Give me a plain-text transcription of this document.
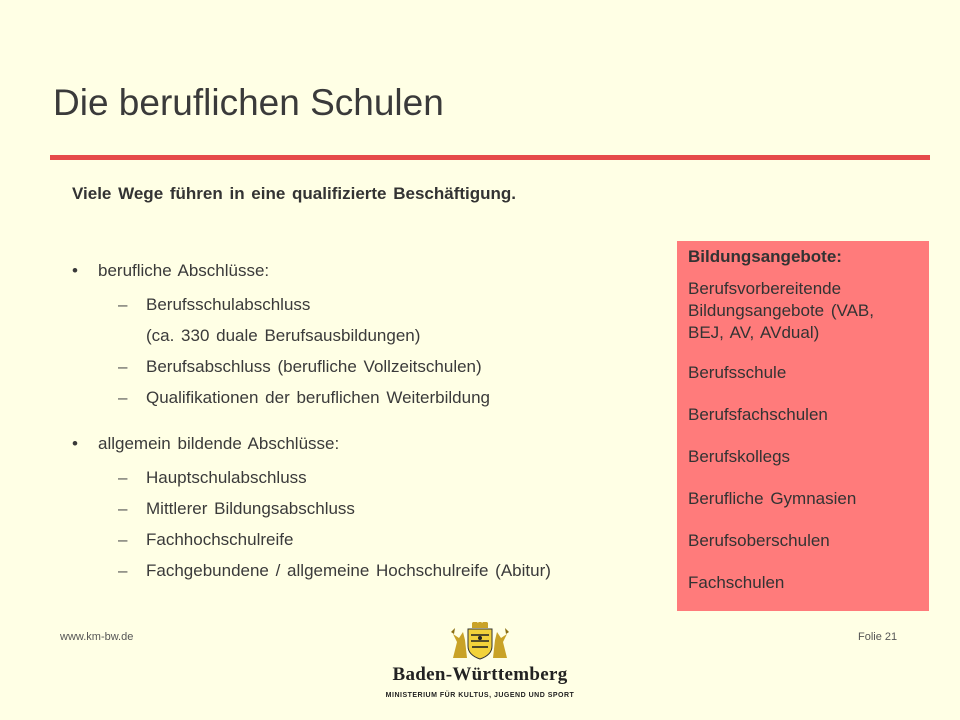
Die beruflichen Schulen
Viele Wege führen in eine qualifizierte Beschäftigung.
• berufliche Abschlüsse:
– Berufsschulabschluss
(ca. 330 duale Berufsausbildungen)
– Berufsabschluss (berufliche Vollzeitschulen)
– Qualifikationen der beruflichen Weiterbildung
• allgemein bildende Abschlüsse:
– Hauptschulabschluss
– Mittlerer Bildungsabschluss
– Fachhochschulreife
– Fachgebundene / allgemeine Hochschulreife (Abitur)
Bildungsangebote:
Berufsvorbereitende Bildungsangebote (VAB, BEJ, AV, AVdual)
Berufsschule
Berufsfachschulen
Berufskollegs
Berufliche Gymnasien
Berufsoberschulen
Fachschulen
www.km-bw.de	Folie 21
Baden-Württemberg
MINISTERIUM FÜR KULTUS, JUGEND UND SPORT
